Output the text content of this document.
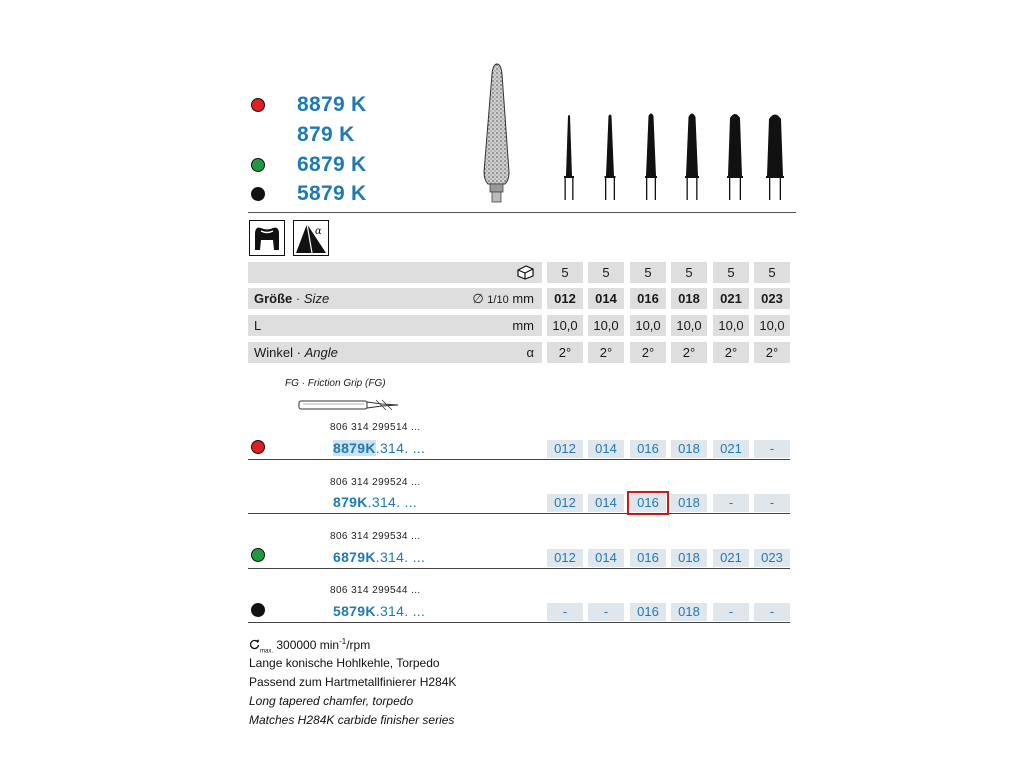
8879 K
879 K
6879 K
5879 K
α
5	5	5	5	5	5
Größe · Size	∅ 1/10 mm	012	014	016	018	021	023
L	mm	10,0	10,0	10,0	10,0	10,0	10,0
Winkel · Angle	α	2°	2°	2°	2°	2°	2°
FG · Friction Grip (FG)
806 314 299514 ...
8879K.314. ...	012	014	016	018	021	-
806 314 299524 ...
879K.314. ...	012	014	016	018	-	-
806 314 299534 ...
6879K.314. ...	012	014	016	018	021	023
806 314 299544 ...
5879K.314. ...	-	-	016	018	-	-
$_{max.}$ 300000 $\min^{-1}$/rpm
Lange konische Hohlkehle, Torpedo
Passend zum Hartmetallfinierer H284K
Long tapered chamfer, torpedo
Matches H284K carbide finisher series
